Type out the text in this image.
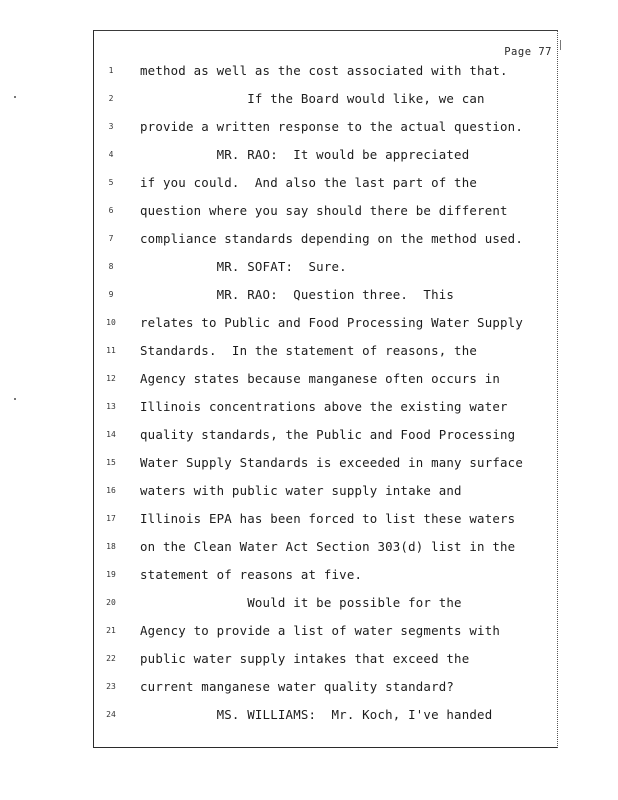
Page 77
1	method as well as the cost associated with that.
2	If the Board would like, we can
3	provide a written response to the actual question.
4	MR. RAO:  It would be appreciated
5	if you could.  And also the last part of the
6	question where you say should there be different
7	compliance standards depending on the method used.
8	MR. SOFAT:  Sure.
9	MR. RAO:  Question three.  This
10	relates to Public and Food Processing Water Supply
11	Standards.  In the statement of reasons, the
12	Agency states because manganese often occurs in
13	Illinois concentrations above the existing water
14	quality standards, the Public and Food Processing
15	Water Supply Standards is exceeded in many surface
16	waters with public water supply intake and
17	Illinois EPA has been forced to list these waters
18	on the Clean Water Act Section 303(d) list in the
19	statement of reasons at five.
20	Would it be possible for the
21	Agency to provide a list of water segments with
22	public water supply intakes that exceed the
23	current manganese water quality standard?
24	MS. WILLIAMS:  Mr. Koch, I've handed
